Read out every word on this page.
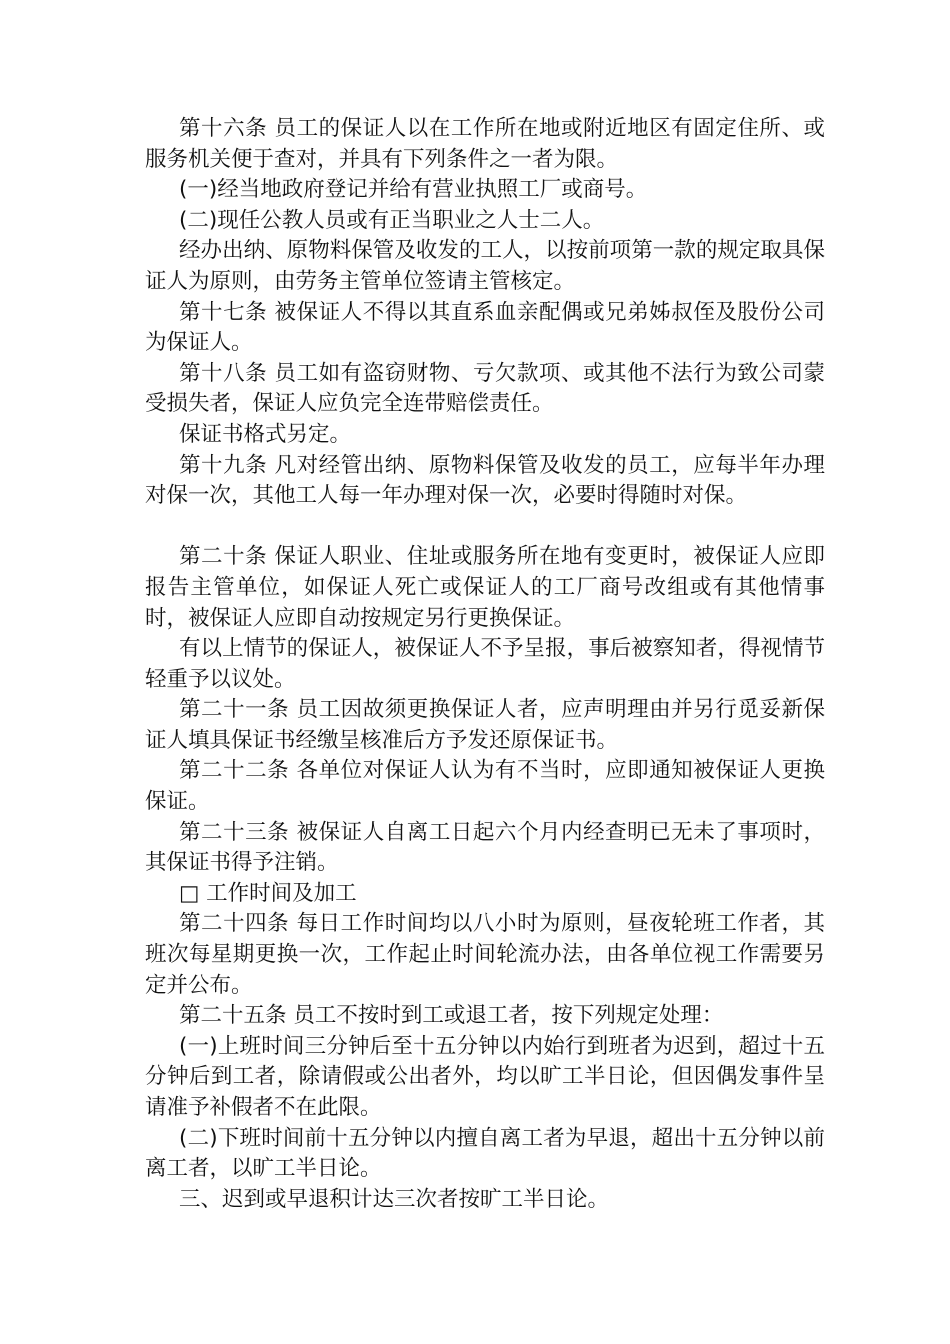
第十六条 员工的保证人以在工作所在地或附近地区有固定住所、或服务机关便于查对，并具有下列条件之一者为限。

(一)经当地政府登记并给有营业执照工厂或商号。

(二)现任公教人员或有正当职业之人士二人。

经办出纳、原物料保管及收发的工人，以按前项第一款的规定取具保证人为原则，由劳务主管单位签请主管核定。

第十七条 被保证人不得以其直系血亲配偶或兄弟姊叔侄及股份公司为保证人。

第十八条 员工如有盗窃财物、亏欠款项、或其他不法行为致公司蒙受损失者，保证人应负完全连带赔偿责任。

保证书格式另定。

第十九条 凡对经管出纳、原物料保管及收发的员工，应每半年办理对保一次，其他工人每一年办理对保一次，必要时得随时对保。

第二十条 保证人职业、住址或服务所在地有变更时，被保证人应即报告主管单位，如保证人死亡或保证人的工厂商号改组或有其他情事时，被保证人应即自动按规定另行更换保证。

有以上情节的保证人，被保证人不予呈报，事后被察知者，得视情节轻重予以议处。

第二十一条 员工因故须更换保证人者，应声明理由并另行觅妥新保证人填具保证书经缴呈核准后方予发还原保证书。

第二十二条 各单位对保证人认为有不当时，应即通知被保证人更换保证。

第二十三条 被保证人自离工日起六个月内经查明已无未了事项时，其保证书得予注销。

□ 工作时间及加工

第二十四条 每日工作时间均以八小时为原则，昼夜轮班工作者，其班次每星期更换一次，工作起止时间轮流办法，由各单位视工作需要另定并公布。

第二十五条 员工不按时到工或退工者，按下列规定处理：

(一)上班时间三分钟后至十五分钟以内始行到班者为迟到，超过十五分钟后到工者，除请假或公出者外，均以旷工半日论，但因偶发事件呈请准予补假者不在此限。

(二)下班时间前十五分钟以内擅自离工者为早退，超出十五分钟以前离工者，以旷工半日论。

三、迟到或早退积计达三次者按旷工半日论。
